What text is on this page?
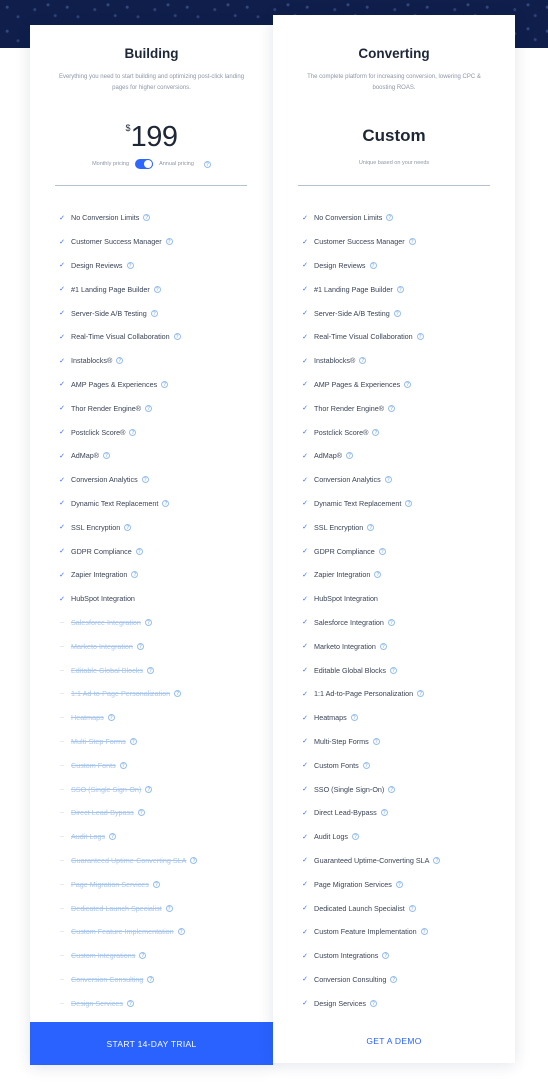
Building
Everything you need to start building and optimizing post-click landing pages for higher conversions.
$199
Monthly pricing	Annual pricing	?
✓ No Conversion Limits	?
✓ Customer Success Manager	?
✓ Design Reviews	?
✓ #1 Landing Page Builder	?
✓ Server-Side A/B Testing	?
✓ Real-Time Visual Collaboration	?
✓ Instablocks®	?
✓ AMP Pages & Experiences	?
✓ Thor Render Engine®	?
✓ Postclick Score®	?
✓ AdMap®	?
✓ Conversion Analytics	?
✓ Dynamic Text Replacement	?
✓ SSL Encryption	?
✓ GDPR Compliance	?
✓ Zapier Integration	?
✓ HubSpot Integration
– Salesforce Integration	?
– Marketo Integration	?
– Editable Global Blocks	?
– 1:1 Ad-to-Page Personalization	?
– Heatmaps	?
– Multi-Step Forms	?
– Custom Fonts	?
– SSO (Single Sign-On)	?
– Direct Lead-Bypass	?
– Audit Logs	?
– Guaranteed Uptime-Converting SLA	?
– Page Migration Services	?
– Dedicated Launch Specialist	?
– Custom Feature Implementation	?
– Custom Integrations	?
– Conversion Consulting	?
– Design Services	?
START 14-DAY TRIAL
Converting
The complete platform for increasing conversion, lowering CPC & boosting ROAS.
Custom
Unique based on your needs
✓ No Conversion Limits	?
✓ Customer Success Manager	?
✓ Design Reviews	?
✓ #1 Landing Page Builder	?
✓ Server-Side A/B Testing	?
✓ Real-Time Visual Collaboration	?
✓ Instablocks®	?
✓ AMP Pages & Experiences	?
✓ Thor Render Engine®	?
✓ Postclick Score®	?
✓ AdMap®	?
✓ Conversion Analytics	?
✓ Dynamic Text Replacement	?
✓ SSL Encryption	?
✓ GDPR Compliance	?
✓ Zapier Integration	?
✓ HubSpot Integration
✓ Salesforce Integration	?
✓ Marketo Integration	?
✓ Editable Global Blocks	?
✓ 1:1 Ad-to-Page Personalization	?
✓ Heatmaps	?
✓ Multi-Step Forms	?
✓ Custom Fonts	?
✓ SSO (Single Sign-On)	?
✓ Direct Lead-Bypass	?
✓ Audit Logs	?
✓ Guaranteed Uptime-Converting SLA	?
✓ Page Migration Services	?
✓ Dedicated Launch Specialist	?
✓ Custom Feature Implementation	?
✓ Custom Integrations	?
✓ Conversion Consulting	?
✓ Design Services	?
GET A DEMO
